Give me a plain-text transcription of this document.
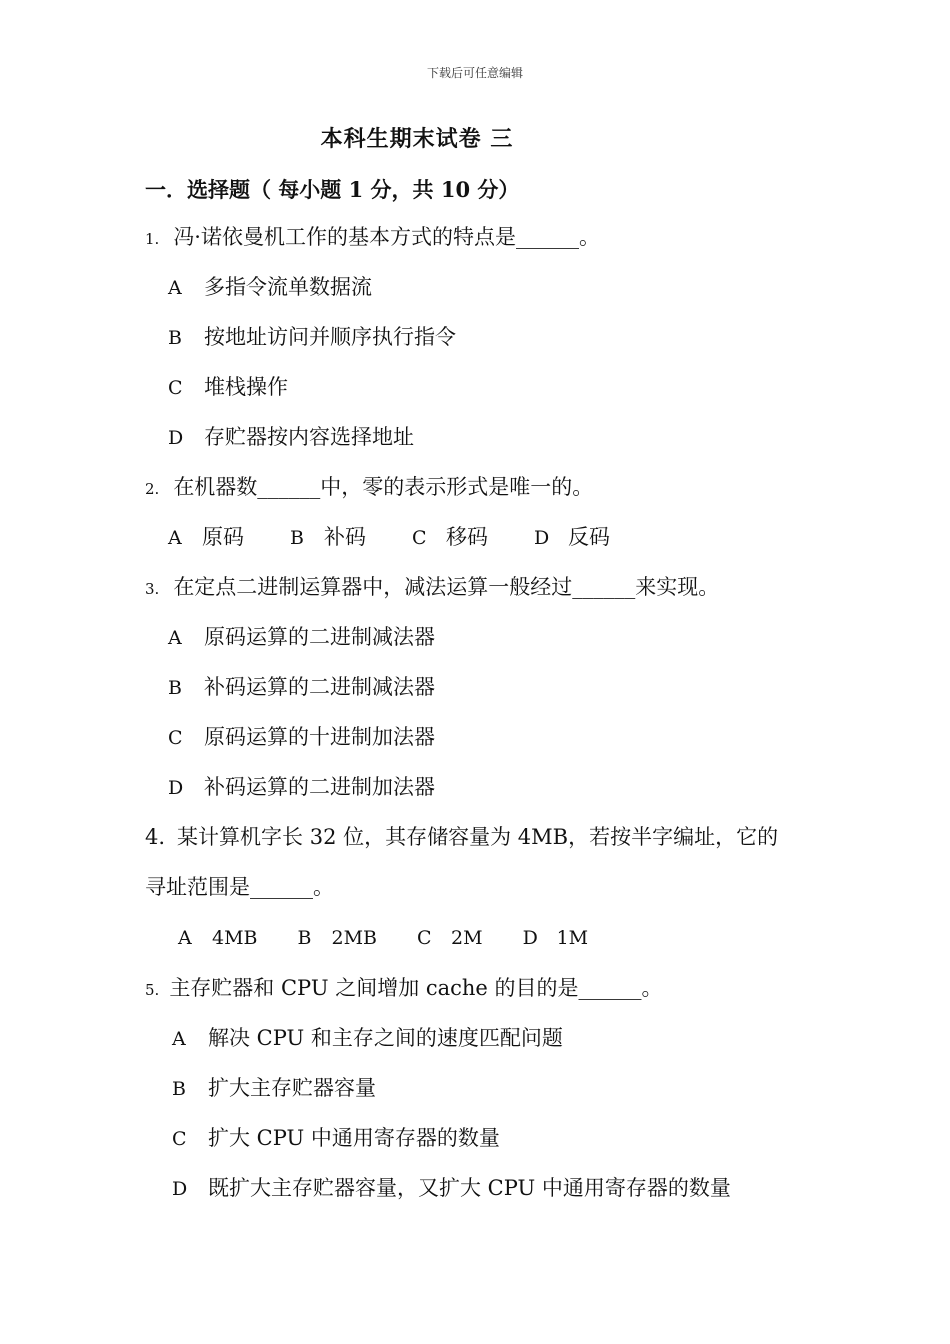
下载后可任意编辑
本科生期末试卷 三
一．选择题（ 每小题 1 分，共 10 分）
1. 冯·诺依曼机工作的基本方式的特点是______。
A 多指令流单数据流
B 按地址访问并顺序执行指令
C 堆栈操作
D 存贮器按内容选择地址
2. 在机器数______中，零的表示形式是唯一的。
A 原码 B 补码 C 移码 D 反码
3. 在定点二进制运算器中，减法运算一般经过______来实现。
A 原码运算的二进制减法器
B 补码运算的二进制减法器
C 原码运算的十进制加法器
D 补码运算的二进制加法器
4. 某计算机字长 32 位，其存储容量为 4MB，若按半字编址，它的
寻址范围是______。
A 4MB B 2MB C 2M D 1M
5. 主存贮器和 CPU 之间增加 cache 的目的是______。
A 解决 CPU 和主存之间的速度匹配问题
B 扩大主存贮器容量
C 扩大 CPU 中通用寄存器的数量
D 既扩大主存贮器容量，又扩大 CPU 中通用寄存器的数量
